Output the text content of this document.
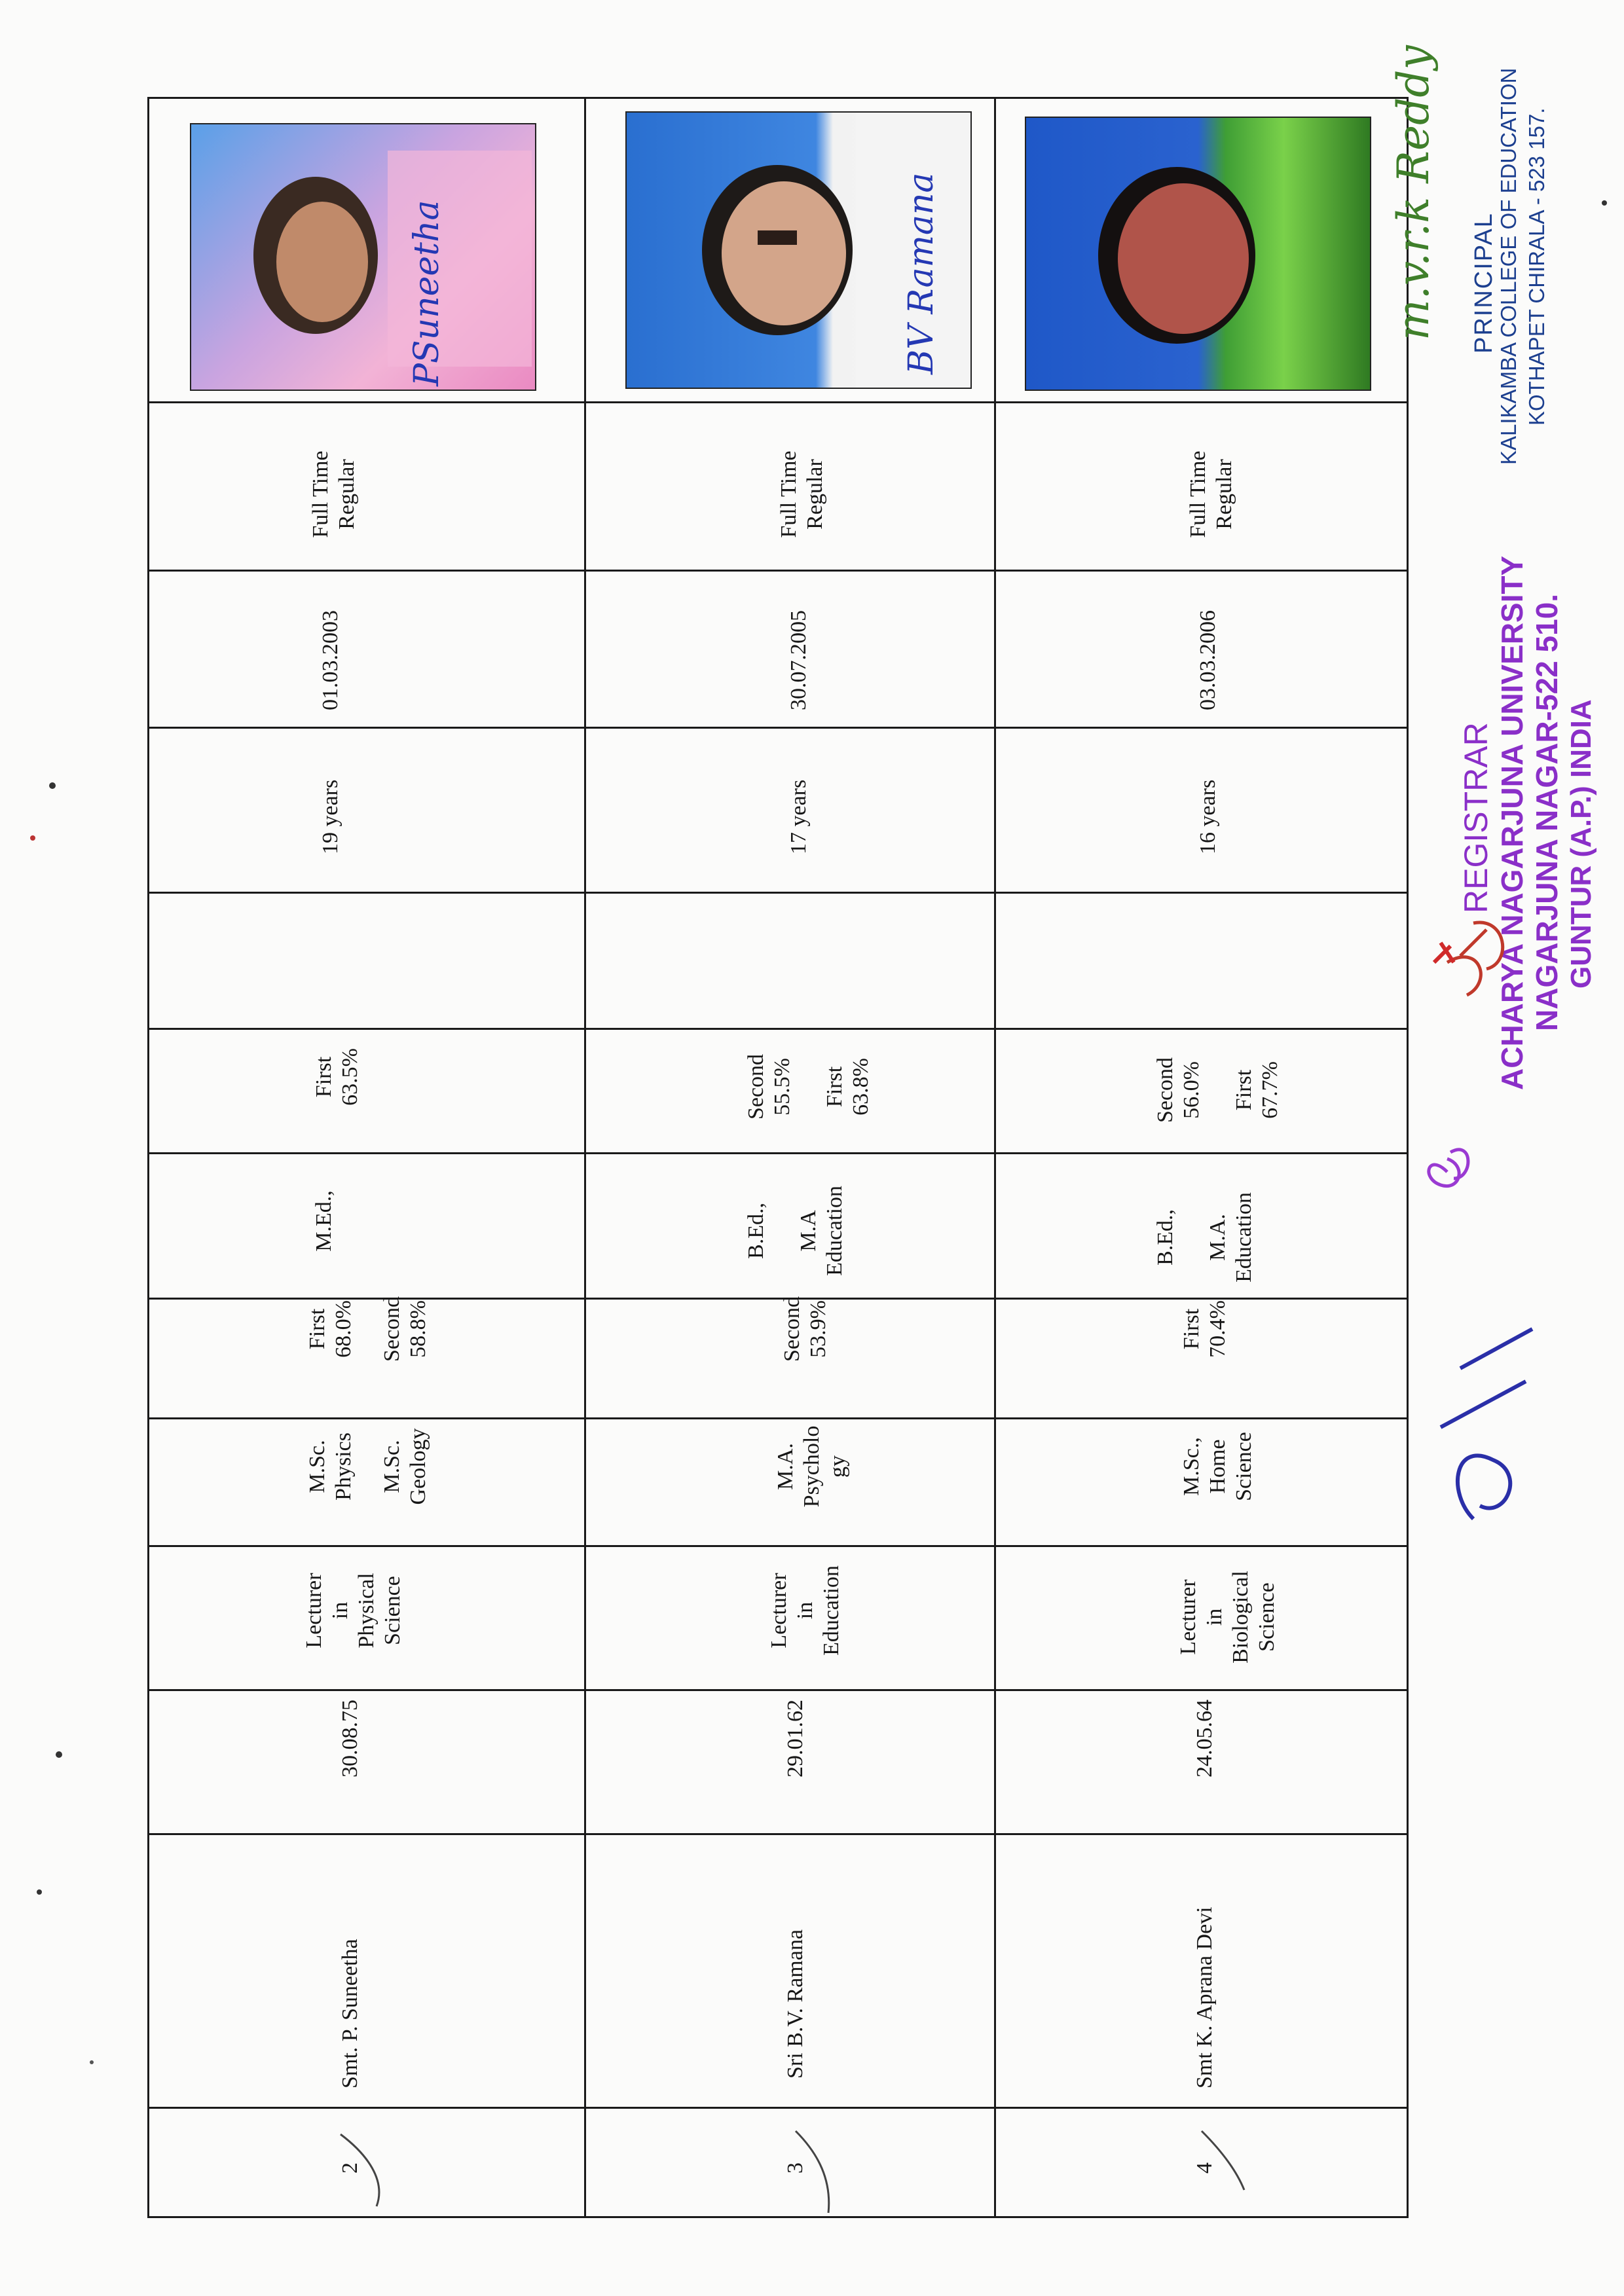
2
Smt. P. Suneetha
30.08.75
Lecturer in Physical Science
M.Sc. Physics M.Sc. Geology
First 68.0% Second 58.8%
M.Ed.,
First 63.5%
19 years
01.03.2003
Full Time Regular
PSuneetha
3
Sri B.V. Ramana
29.01.62
Lecturer in Education
M.A. Psycholo gy
Second 53.9%
B.Ed., M.A Education
Second 55.5% First 63.8%
17 years
30.07.2005
Full Time Regular
BV Ramana
4
Smt K. Aprana Devi
24.05.64
Lecturer in Biological Science
M.Sc., Home Science
First 70.4%
B.Ed., M.A. Education
Second 56.0% First 67.7%
16 years
03.03.2006
Full Time Regular
m.v.r.k Reddy PRINCIPAL
KALIKAMBA COLLEGE OF EDUCATION KOTHAPET CHIRALA - 523 157.
REGISTRAR ACHARYA NAGARJUNA UNIVERSITY NAGARJUNA NAGAR-522 510. GUNTUR (A.P.) INDIA
